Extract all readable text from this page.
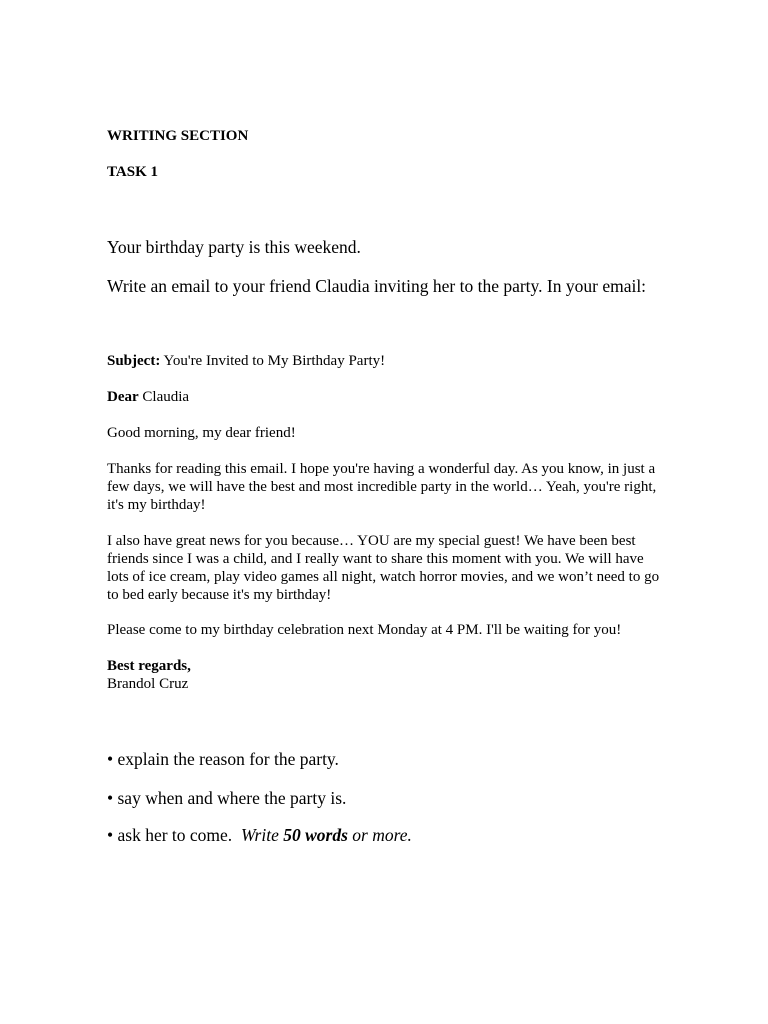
WRITING SECTION

TASK 1

Your birthday party is this weekend.

Write an email to your friend Claudia inviting her to the party. In your email:

Subject: You're Invited to My Birthday Party!

Dear Claudia

Good morning, my dear friend!

Thanks for reading this email. I hope you're having a wonderful day. As you know, in just a few days, we will have the best and most incredible party in the world… Yeah, you're right, it's my birthday!

I also have great news for you because… YOU are my special guest! We have been best friends since I was a child, and I really want to share this moment with you. We will have lots of ice cream, play video games all night, watch horror movies, and we won’t need to go to bed early because it's my birthday!

Please come to my birthday celebration next Monday at 4 PM. I'll be waiting for you!

Best regards,

Brandol Cruz

• explain the reason for the party.

• say when and where the party is.

• ask her to come. Write 50 words or more.
